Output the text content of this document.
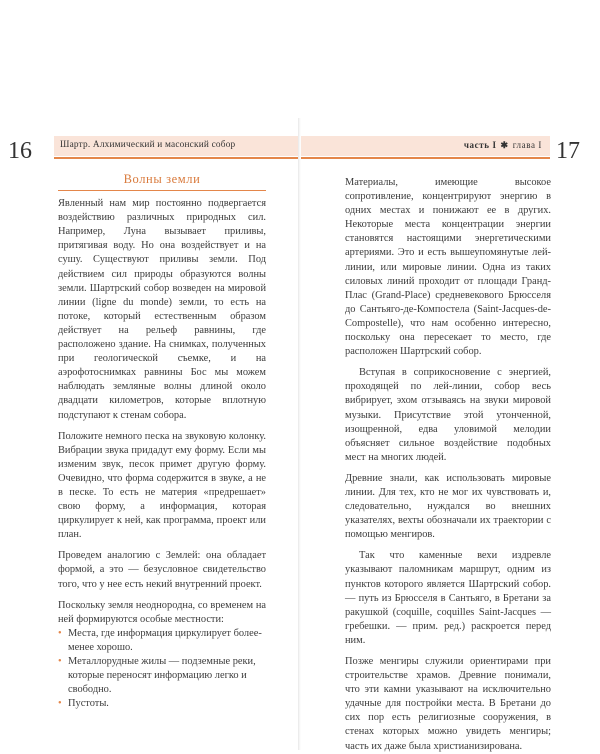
16	Шартр. Алхимический и масонский собор	17
часть I ✱ глава I
Волны земли

Явленный нам мир постоянно подвергается воздействию различных природных сил. Например, Луна вызывает приливы, притягивая воду. Но она воздействует и на сушу. Существуют приливы земли. Под действием сил природы образуются волны земли. Шартрский собор возведен на мировой линии (ligne du monde) земли, то есть на потоке, который естественным образом действует на рельеф равнины, где расположено здание. На снимках, полученных при геологической съемке, и на аэрофотоснимках равнины Бос мы можем наблюдать земляные волны длиной около двадцати километров, которые вплотную подступают к стенам собора.

Положите немного песка на звуковую колонку. Вибрации звука придадут ему форму. Если мы изменим звук, песок примет другую форму. Очевидно, что форма содержится в звуке, а не в песке. То есть не материя «предрешает» свою форму, а информация, которая циркулирует к ней, как программа, проект или план.

Проведем аналогию с Землей: она обладает формой, а это — безусловное свидетельство того, что у нее есть некий внутренний проект.

Поскольку земля неоднородна, со временем на ней формируются особые местности:

• Места, где информация циркулирует более-менее хорошо.
• Металлорудные жилы — подземные реки, которые переносят информацию легко и свободно.
• Пустоты.

Материалы, имеющие высокое сопротивление, концентрируют энергию в одних местах и понижают ее в других. Некоторые места концентрации энергии становятся настоящими энергетическими артериями. Это и есть вышеупомянутые лей-линии, или мировые линии. Одна из таких силовых линий проходит от площади Гранд-Плас (Grand-Place) средневекового Брюсселя до Сантьяго-де-Компостела (Saint-Jacques-de-Compostelle), что нам особенно интересно, поскольку она пересекает то место, где расположен Шартрский собор.

Вступая в соприкосновение с энергией, проходящей по лей-линии, собор весь вибрирует, эхом отзываясь на звуки мировой музыки. Присутствие этой утонченной, изощренной, едва уловимой мелодии объясняет сильное воздействие подобных мест на многих людей.

Древние знали, как использовать мировые линии. Для тех, кто не мог их чувствовать и, следовательно, нуждался во внешних указателях, вехты обозначали их траектории с помощью менгиров.

Так что каменные вехи издревле указывают паломникам маршрут, одним из пунктов которого является Шартрский собор. — путь из Брюсселя в Сантьяго, в Бретани за ракушкой (coquille, coquilles Saint-Jacques — гребешки. — прим. ред.) раскроется перед ним.

Позже менгиры служили ориентирами при строительстве храмов. Древние понимали, что эти камни указывают на исключительно удачные для постройки места. В Бретани до сих пор есть религиозные сооружения, в стенах которых можно увидеть менгиры; часть их даже была христианизирована.
